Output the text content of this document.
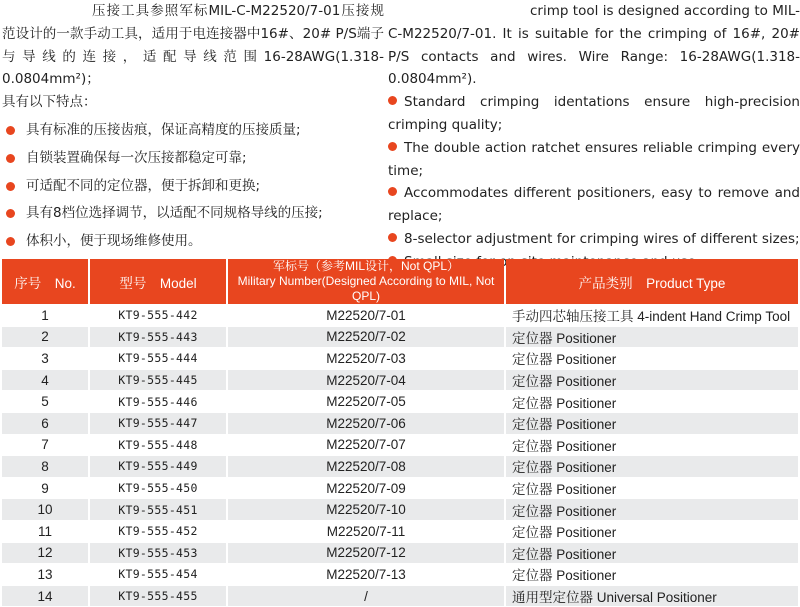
压接工具参照军标MIL-C-M22520/7-01压接规范设计的一款手动工具，适用于电连接器中16#、20# P/S端子与导线的连接，适配导线范围16-28AWG(1.318-0.0804mm²)；

具有以下特点：

具有标准的压接齿痕，保证高精度的压接质量;
自锁装置确保每一次压接都稳定可靠;
可适配不同的定位器，便于拆卸和更换;
具有8档位选择调节，以适配不同规格导线的压接;
体积小，便于现场维修使用。

crimp tool is designed according to MIL-C-M22520/7-01. It is suitable for the crimping of 16#, 20# P/S contacts and wires. Wire Range: 16-28AWG(1.318-0.0804mm²).

Standard crimping identations ensure high-precision crimping quality;
The double action ratchet ensures reliable crimping every time;
Accommodates different positioners, easy to remove and replace;
8-selector adjustment for crimping wires of different sizes;
序号　No.	型号　Model	军标号（参考MIL设计，Not QPL）
Military Number(Designed According to MIL, Not QPL)	产品类别　Product Type
1	KT9-555-442	M22520/7-01	手动四芯轴压接工具 4-indent Hand Crimp Tool
2	KT9-555-443	M22520/7-02	定位器 Positioner
3	KT9-555-444	M22520/7-03	定位器 Positioner
4	KT9-555-445	M22520/7-04	定位器 Positioner
5	KT9-555-446	M22520/7-05	定位器 Positioner
6	KT9-555-447	M22520/7-06	定位器 Positioner
7	KT9-555-448	M22520/7-07	定位器 Positioner
8	KT9-555-449	M22520/7-08	定位器 Positioner
9	KT9-555-450	M22520/7-09	定位器 Positioner
10	KT9-555-451	M22520/7-10	定位器 Positioner
11	KT9-555-452	M22520/7-11	定位器 Positioner
12	KT9-555-453	M22520/7-12	定位器 Positioner
13	KT9-555-454	M22520/7-13	定位器 Positioner
14	KT9-555-455	/	通用型定位器 Universal Positioner
